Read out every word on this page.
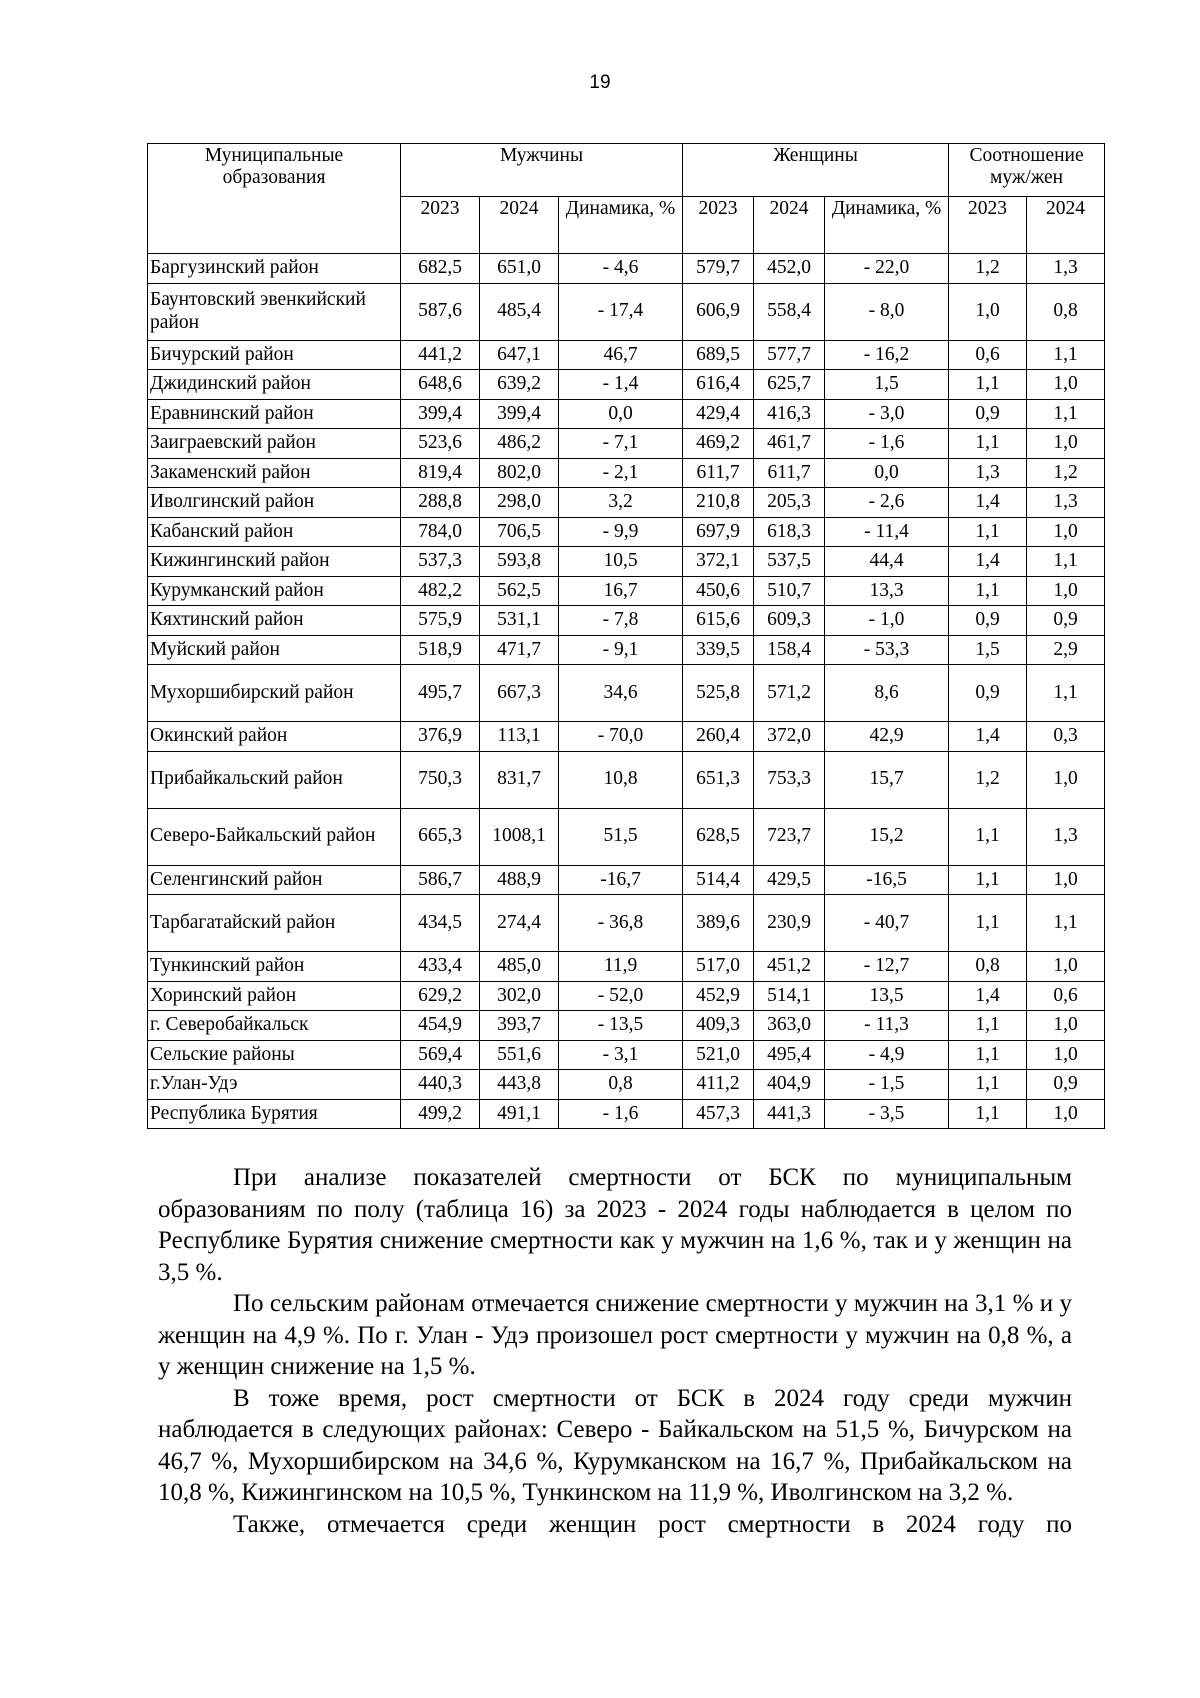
19
Муниципальные образования	Мужчины			Женщины			Соотношение муж/жен	
	2023	2024	Динамика, %	2023	2024	Динамика, %	2023	2024
Баргузинский район	682,5	651,0	- 4,6	579,7	452,0	- 22,0	1,2	1,3
Баунтовский эвенкийский район	587,6	485,4	- 17,4	606,9	558,4	- 8,0	1,0	0,8
Бичурский район	441,2	647,1	46,7	689,5	577,7	- 16,2	0,6	1,1
Джидинский район	648,6	639,2	- 1,4	616,4	625,7	1,5	1,1	1,0
Еравнинский район	399,4	399,4	0,0	429,4	416,3	- 3,0	0,9	1,1
Заиграевский район	523,6	486,2	- 7,1	469,2	461,7	- 1,6	1,1	1,0
Закаменский район	819,4	802,0	- 2,1	611,7	611,7	0,0	1,3	1,2
Иволгинский район	288,8	298,0	3,2	210,8	205,3	- 2,6	1,4	1,3
Кабанский район	784,0	706,5	- 9,9	697,9	618,3	- 11,4	1,1	1,0
Кижингинский район	537,3	593,8	10,5	372,1	537,5	44,4	1,4	1,1
Курумканский район	482,2	562,5	16,7	450,6	510,7	13,3	1,1	1,0
Кяхтинский район	575,9	531,1	- 7,8	615,6	609,3	- 1,0	0,9	0,9
Муйский район	518,9	471,7	- 9,1	339,5	158,4	- 53,3	1,5	2,9
Мухоршибирский район	495,7	667,3	34,6	525,8	571,2	8,6	0,9	1,1
Окинский район	376,9	113,1	- 70,0	260,4	372,0	42,9	1,4	0,3
Прибайкальский район	750,3	831,7	10,8	651,3	753,3	15,7	1,2	1,0
Северо-Байкальский район	665,3	1008,1	51,5	628,5	723,7	15,2	1,1	1,3
Селенгинский район	586,7	488,9	-16,7	514,4	429,5	-16,5	1,1	1,0
Тарбагатайский район	434,5	274,4	- 36,8	389,6	230,9	- 40,7	1,1	1,1
Тункинский район	433,4	485,0	11,9	517,0	451,2	- 12,7	0,8	1,0
Хоринский район	629,2	302,0	- 52,0	452,9	514,1	13,5	1,4	0,6
г. Северобайкальск	454,9	393,7	- 13,5	409,3	363,0	- 11,3	1,1	1,0
Сельские районы	569,4	551,6	- 3,1	521,0	495,4	- 4,9	1,1	1,0
г.Улан-Удэ	440,3	443,8	0,8	411,2	404,9	- 1,5	1,1	0,9
Республика Бурятия	499,2	491,1	- 1,6	457,3	441,3	- 3,5	1,1	1,0

При анализе показателей смертности от БСК по муниципальным образованиям по полу (таблица 16) за 2023 - 2024 годы наблюдается в целом по Республике Бурятия снижение смертности как у мужчин на 1,6 %, так и у женщин на 3,5 %.

По сельским районам отмечается снижение смертности у мужчин на 3,1 % и у женщин на 4,9 %. По г. Улан - Удэ произошел рост смертности у мужчин на 0,8 %, а у женщин снижение на 1,5 %.

В тоже время, рост смертности от БСК в 2024 году среди мужчин наблюдается в следующих районах: Северо - Байкальском на 51,5 %, Бичурском на 46,7 %, Мухоршибирском на 34,6 %, Курумканском на 16,7 %, Прибайкальском на 10,8 %, Кижингинском на 10,5 %, Тункинском на 11,9 %, Иволгинском на 3,2 %.

Также, отмечается среди женщин рост смертности в 2024 году по
